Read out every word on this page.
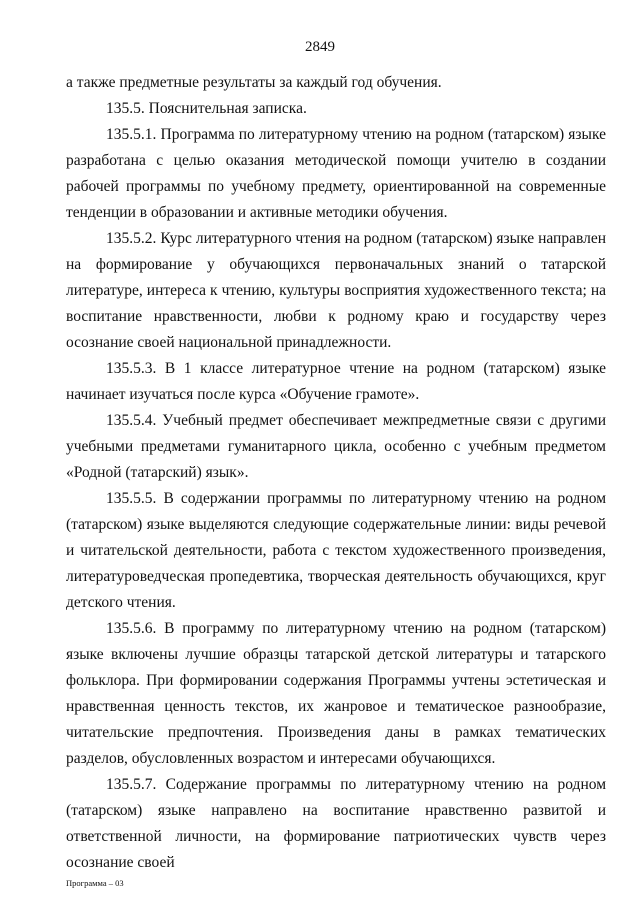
2849

а также предметные результаты за каждый год обучения.

135.5. Пояснительная записка.

135.5.1. Программа по литературному чтению на родном (татарском) языке разработана с целью оказания методической помощи учителю в создании рабочей программы по учебному предмету, ориентированной на современные тенденции в образовании и активные методики обучения.

135.5.2. Курс литературного чтения на родном (татарском) языке направлен на формирование у обучающихся первоначальных знаний о татарской литературе, интереса к чтению, культуры восприятия художественного текста; на воспитание нравственности, любви к родному краю и государству через осознание своей национальной принадлежности.

135.5.3. В 1 классе литературное чтение на родном (татарском) языке начинает изучаться после курса «Обучение грамоте».

135.5.4. Учебный предмет обеспечивает межпредметные связи с другими учебными предметами гуманитарного цикла, особенно с учебным предметом «Родной (татарский) язык».

135.5.5. В содержании программы по литературному чтению на родном (татарском) языке выделяются следующие содержательные линии: виды речевой и читательской деятельности, работа с текстом художественного произведения, литературоведческая пропедевтика, творческая деятельность обучающихся, круг детского чтения.

135.5.6. В программу по литературному чтению на родном (татарском) языке включены лучшие образцы татарской детской литературы и татарского фольклора. При формировании содержания Программы учтены эстетическая и нравственная ценность текстов, их жанровое и тематическое разнообразие, читательские предпочтения. Произведения даны в рамках тематических разделов, обусловленных возрастом и интересами обучающихся.

135.5.7. Содержание программы по литературному чтению на родном (татарском) языке направлено на воспитание нравственно развитой и ответственной личности, на формирование патриотических чувств через осознание своей

Программа – 03
